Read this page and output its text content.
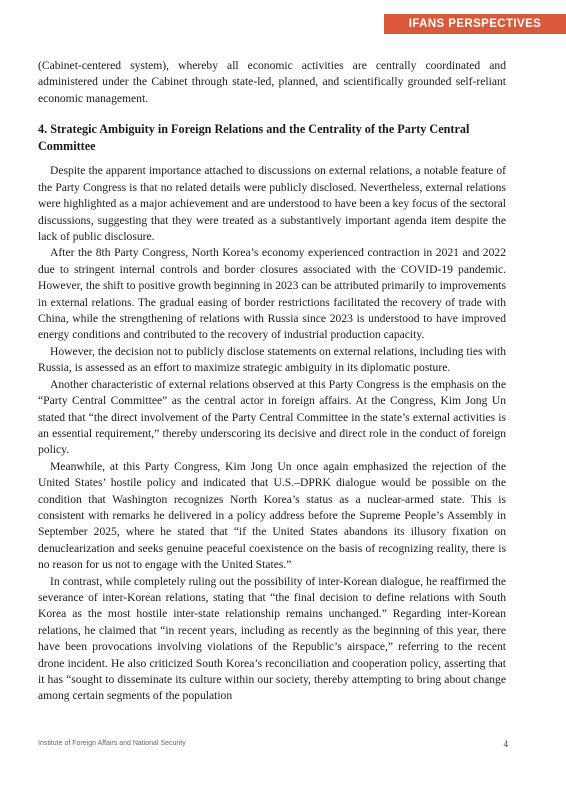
IFANS PERSPECTIVES

(Cabinet-centered system), whereby all economic activities are centrally coordinated and administered under the Cabinet through state-led, planned, and scientifically grounded self-reliant economic management.

4. Strategic Ambiguity in Foreign Relations and the Centrality of the Party Central Committee

Despite the apparent importance attached to discussions on external relations, a notable feature of the Party Congress is that no related details were publicly disclosed. Nevertheless, external relations were highlighted as a major achievement and are understood to have been a key focus of the sectoral discussions, suggesting that they were treated as a substantively important agenda item despite the lack of public disclosure.

After the 8th Party Congress, North Korea’s economy experienced contraction in 2021 and 2022 due to stringent internal controls and border closures associated with the COVID-19 pandemic. However, the shift to positive growth beginning in 2023 can be attributed primarily to improvements in external relations. The gradual easing of border restrictions facilitated the recovery of trade with China, while the strengthening of relations with Russia since 2023 is understood to have improved energy conditions and contributed to the recovery of industrial production capacity.

However, the decision not to publicly disclose statements on external relations, including ties with Russia, is assessed as an effort to maximize strategic ambiguity in its diplomatic posture.

Another characteristic of external relations observed at this Party Congress is the emphasis on the “Party Central Committee” as the central actor in foreign affairs. At the Congress, Kim Jong Un stated that “the direct involvement of the Party Central Committee in the state’s external activities is an essential requirement,” thereby underscoring its decisive and direct role in the conduct of foreign policy.

Meanwhile, at this Party Congress, Kim Jong Un once again emphasized the rejection of the United States’ hostile policy and indicated that U.S.–DPRK dialogue would be possible on the condition that Washington recognizes North Korea’s status as a nuclear-armed state. This is consistent with remarks he delivered in a policy address before the Supreme People’s Assembly in September 2025, where he stated that “if the United States abandons its illusory fixation on denuclearization and seeks genuine peaceful coexistence on the basis of recognizing reality, there is no reason for us not to engage with the United States.”

In contrast, while completely ruling out the possibility of inter-Korean dialogue, he reaffirmed the severance of inter-Korean relations, stating that “the final decision to define relations with South Korea as the most hostile inter-state relationship remains unchanged.” Regarding inter-Korean relations, he claimed that “in recent years, including as recently as the beginning of this year, there have been provocations involving violations of the Republic’s airspace,” referring to the recent drone incident. He also criticized South Korea’s reconciliation and cooperation policy, asserting that it has “sought to disseminate its culture within our society, thereby attempting to bring about change among certain segments of the population

Institute of Foreign Affairs and National Security	4
